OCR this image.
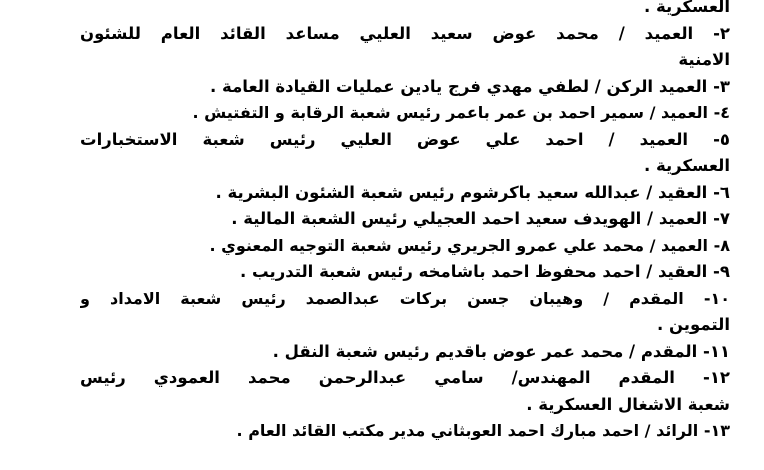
العسكرية .
٢- العميد / محمد عوض سعيد العليي مساعد القائد العام للشئون
الامنية
٣- العميد الركن / لطفي مهدي فرج يادين عمليات القيادة العامة .
٤- العميد / سمير احمد بن عمر باعمر رئيس شعبة الرقابة و التفتيش .
٥- العميد / احمد علي عوض العليي رئيس شعبة الاستخبارات
العسكرية .
٦- العقيد / عبدالله سعيد باكرشوم رئيس شعبة الشئون البشرية .
٧- العميد / الهويدف سعيد احمد العجيلي رئيس الشعبة المالية .
٨- العميد / محمد علي عمرو الجريري رئيس شعبة التوجيه المعنوي .
٩- العقيد / احمد محفوظ احمد باشامخه رئيس شعبة التدريب .
١٠- المقدم / وهيبان جسن بركات عبدالصمد رئيس شعبة الامداد و
التموين .
١١- المقدم / محمد عمر عوض باقديم رئيس شعبة النقل .
١٢- المقدم المهندس/ سامي عبدالرحمن محمد العمودي رئيس
شعبة الاشغال العسكرية .
١٣- الرائد / احمد مبارك احمد العوبثاني مدير مكتب القائد العام .
